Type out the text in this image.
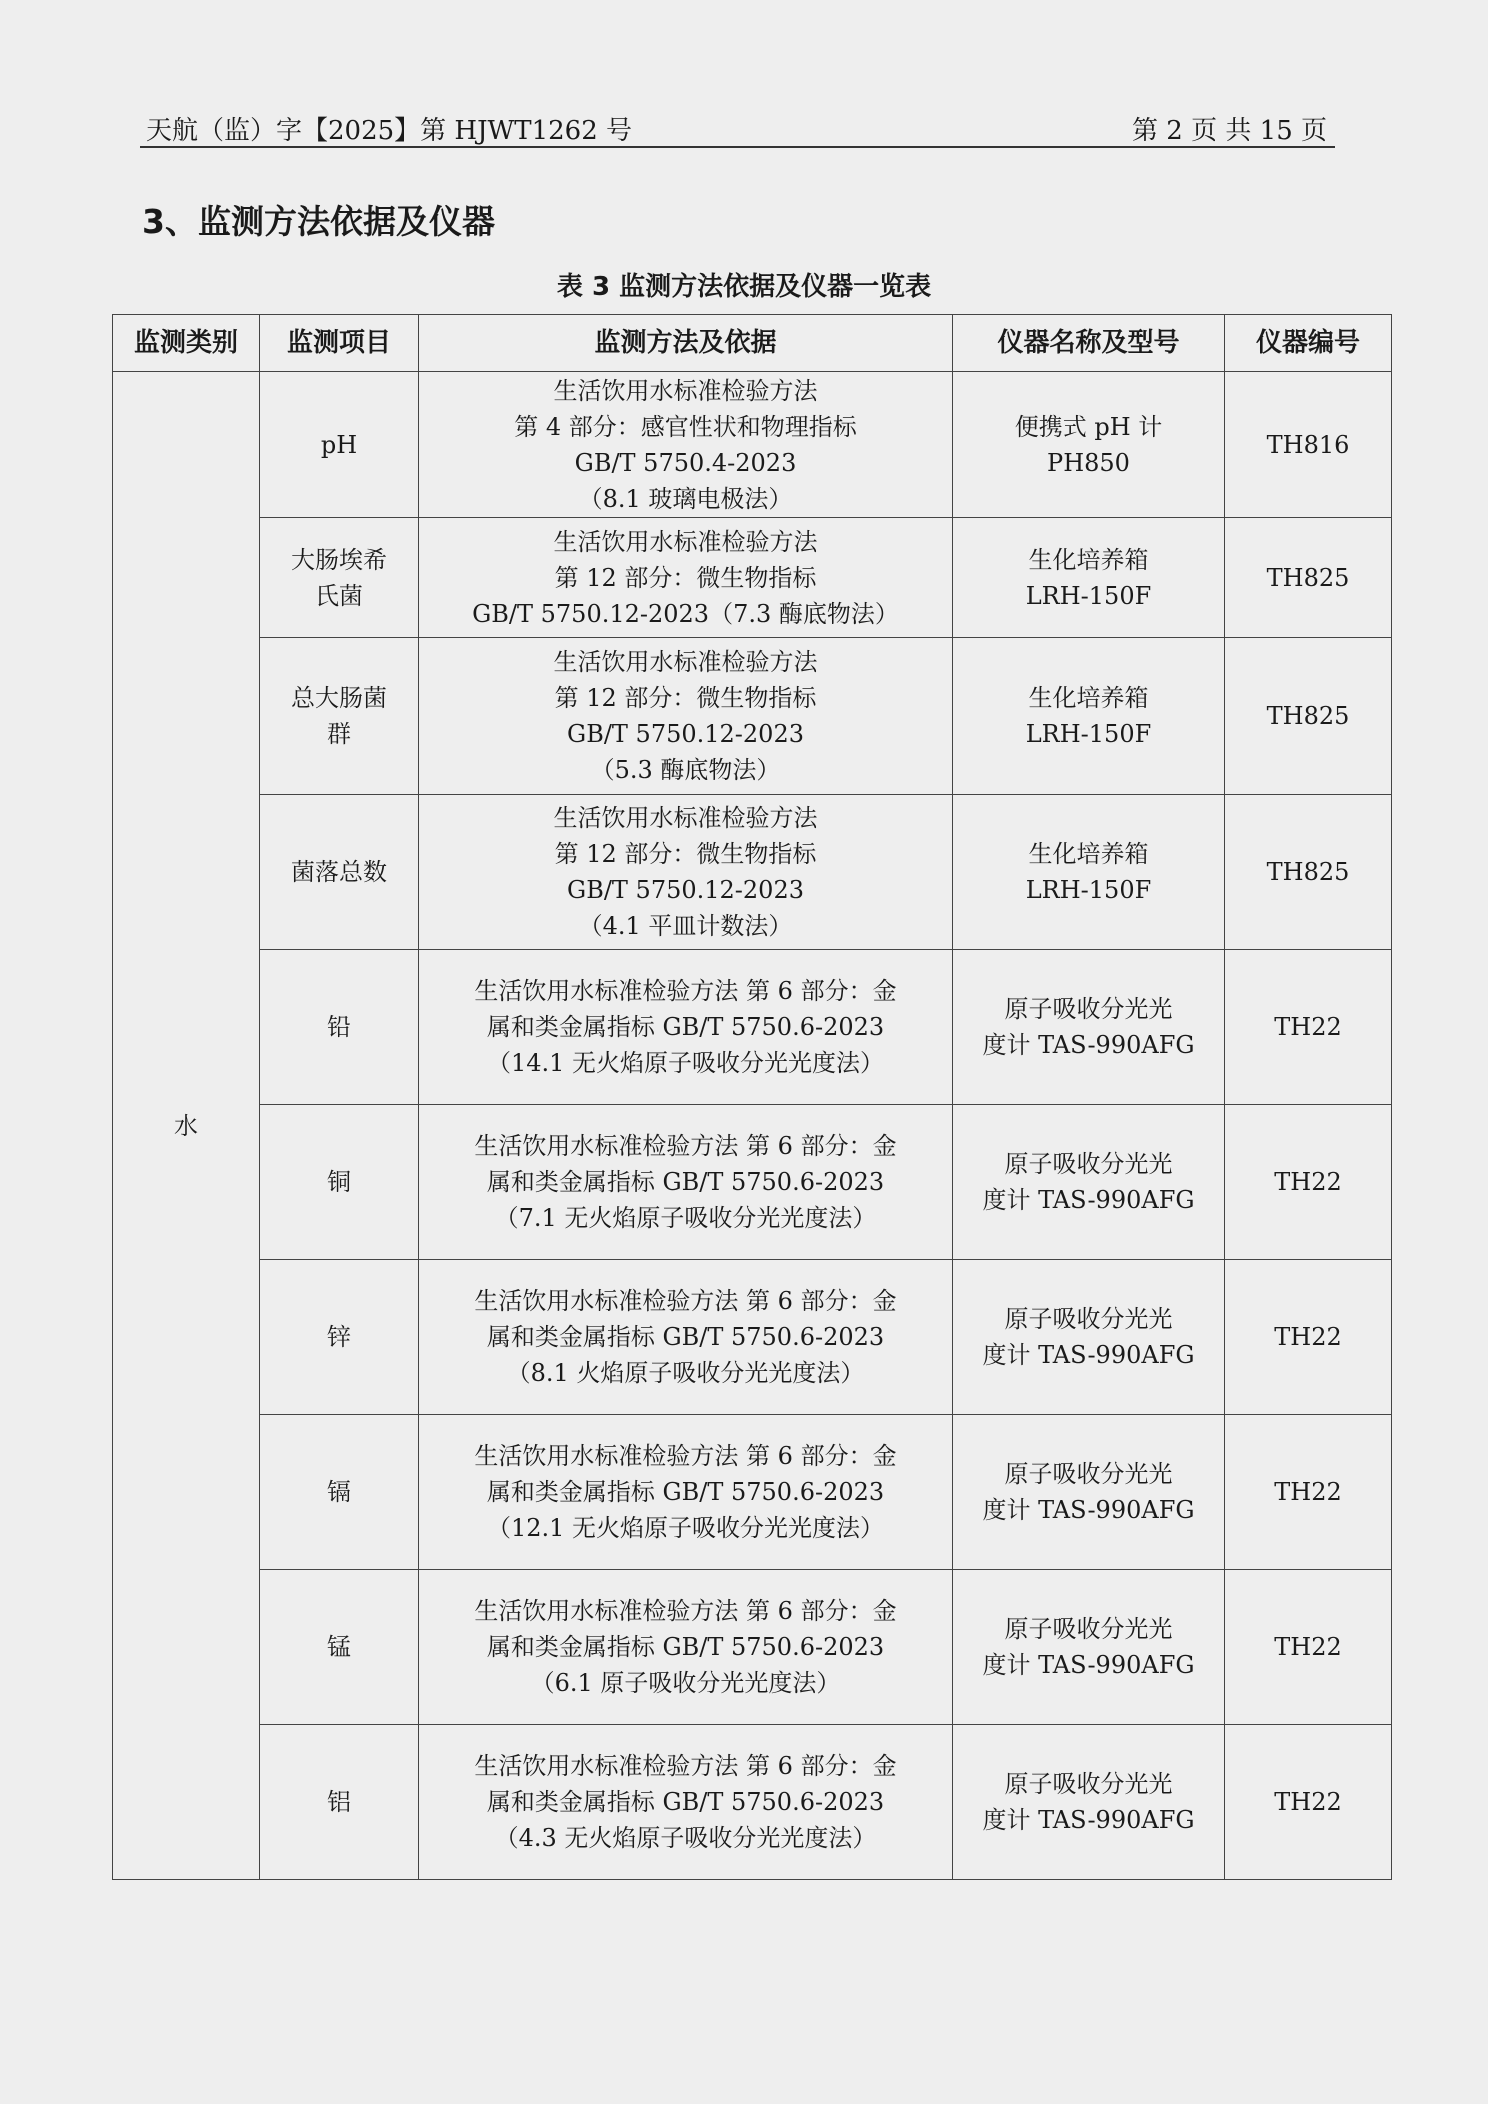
天航（监）字【2025】第 HJWT1262 号	第 2 页 共 15 页
3、监测方法依据及仪器
表 3 监测方法依据及仪器一览表
监测类别	监测项目	监测方法及依据	仪器名称及型号	仪器编号
水	pH	生活饮用水标准检验方法
第 4 部分：感官性状和物理指标
GB/T 5750.4-2023
（8.1 玻璃电极法）	便携式 pH 计
PH850	TH816

	大肠埃希
氏菌	生活饮用水标准检验方法
第 12 部分：微生物指标
GB/T 5750.12-2023（7.3 酶底物法）	生化培养箱
LRH-150F	TH825

	总大肠菌
群	生活饮用水标准检验方法
第 12 部分：微生物指标
GB/T 5750.12-2023
（5.3 酶底物法）	生化培养箱
LRH-150F	TH825

	菌落总数	生活饮用水标准检验方法
第 12 部分：微生物指标
GB/T 5750.12-2023
（4.1 平皿计数法）	生化培养箱
LRH-150F	TH825

	铅	生活饮用水标准检验方法 第 6 部分：金
属和类金属指标 GB/T 5750.6-2023
（14.1 无火焰原子吸收分光光度法）	原子吸收分光光
度计 TAS-990AFG	TH22

	铜	生活饮用水标准检验方法 第 6 部分：金
属和类金属指标 GB/T 5750.6-2023
（7.1 无火焰原子吸收分光光度法）	原子吸收分光光
度计 TAS-990AFG	TH22

	锌	生活饮用水标准检验方法 第 6 部分：金
属和类金属指标 GB/T 5750.6-2023
（8.1 火焰原子吸收分光光度法）	原子吸收分光光
度计 TAS-990AFG	TH22

	镉	生活饮用水标准检验方法 第 6 部分：金
属和类金属指标 GB/T 5750.6-2023
（12.1 无火焰原子吸收分光光度法）	原子吸收分光光
度计 TAS-990AFG	TH22

	锰	生活饮用水标准检验方法 第 6 部分：金
属和类金属指标 GB/T 5750.6-2023
（6.1 原子吸收分光光度法）	原子吸收分光光
度计 TAS-990AFG	TH22

	铝	生活饮用水标准检验方法 第 6 部分：金
属和类金属指标 GB/T 5750.6-2023
（4.3 无火焰原子吸收分光光度法）	原子吸收分光光
度计 TAS-990AFG	TH22
